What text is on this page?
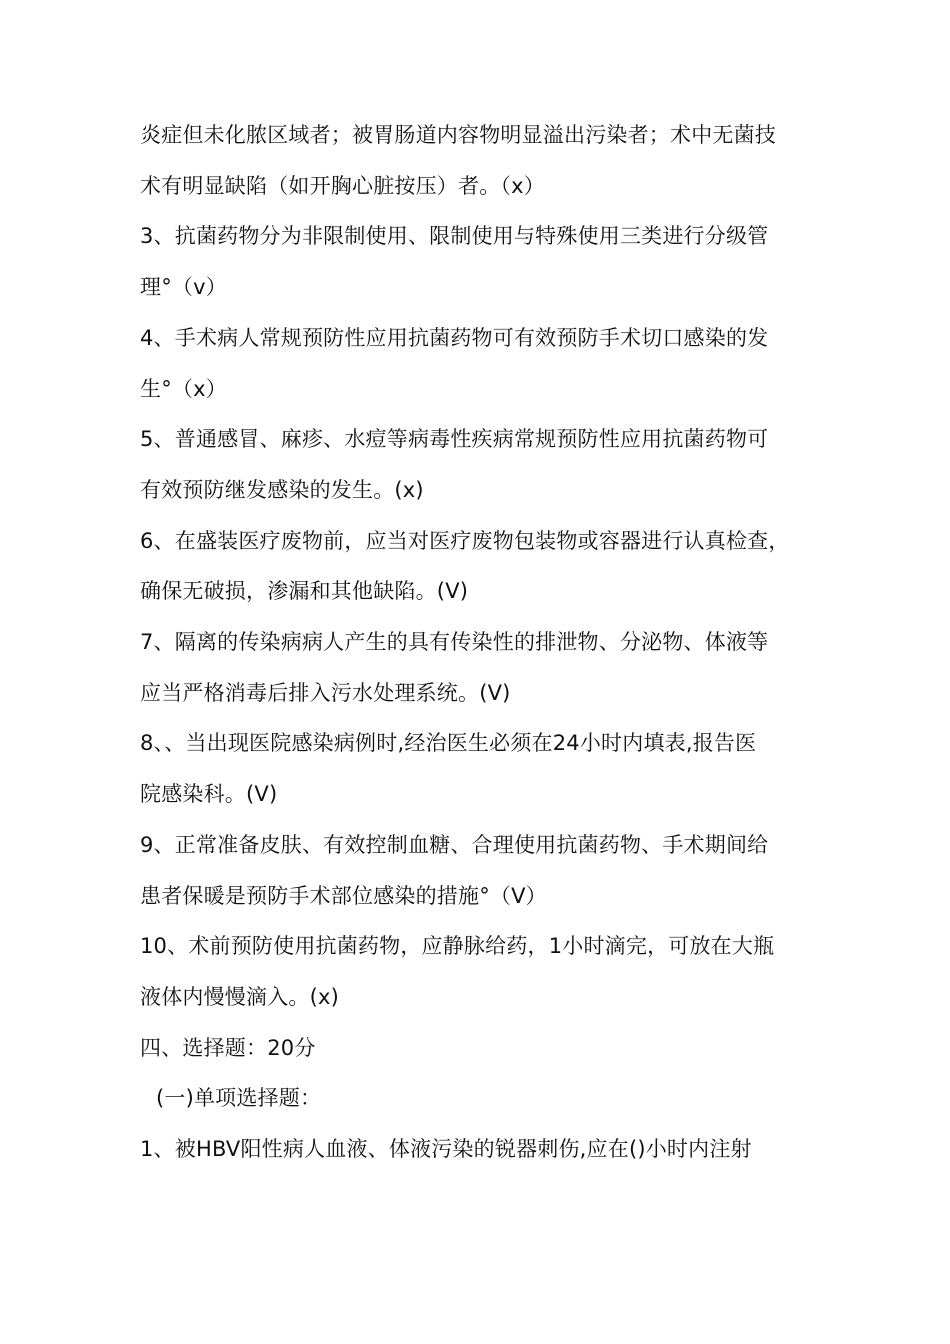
炎症但未化脓区域者；被胃肠道内容物明显溢出污染者；术中无菌技
术有明显缺陷（如开胸心脏按压）者。（x）
3、抗菌药物分为非限制使用、限制使用与特殊使用三类进行分级管
理°（v）
4、手术病人常规预防性应用抗菌药物可有效预防手术切口感染的发
生°（x）
5、普通感冒、麻疹、水痘等病毒性疾病常规预防性应用抗菌药物可
有效预防继发感染的发生。(x)
6、在盛装医疗废物前，应当对医疗废物包装物或容器进行认真检查，
确保无破损，渗漏和其他缺陷。(V)
7、隔离的传染病病人产生的具有传染性的排泄物、分泌物、体液等
应当严格消毒后排入污水处理系统。(V)
8、、当出现医院感染病例时,经治医生必须在24小时内填表,报告医
院感染科。(V)
9、正常准备皮肤、有效控制血糖、合理使用抗菌药物、手术期间给
患者保暖是预防手术部位感染的措施°（V）
10、术前预防使用抗菌药物，应静脉给药，1小时滴完，可放在大瓶
液体内慢慢滴入。(x)
四、选择题：20分
(一)单项选择题：
1、被HBV阳性病人血液、体液污染的锐器刺伤,应在()小时内注射
